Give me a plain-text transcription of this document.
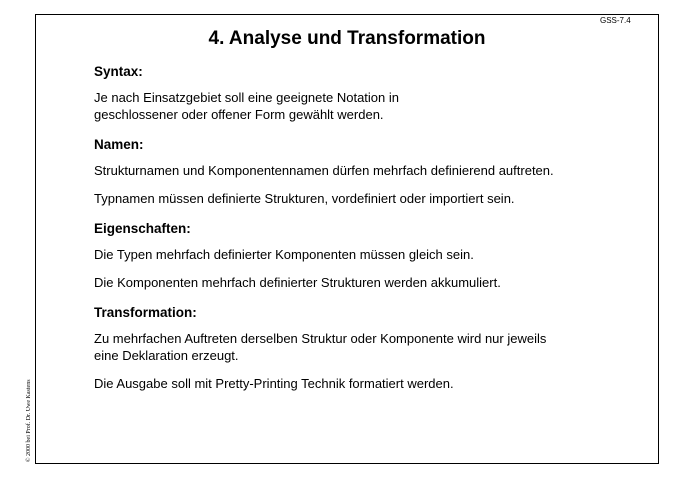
GSS-7.4
4. Analyse und Transformation
Syntax:

Je nach Einsatzgebiet soll eine geeignete Notation in
geschlossener oder offener Form gewählt werden.

Namen:

Strukturnamen und Komponentennamen dürfen mehrfach definierend auftreten.

Typnamen müssen definierte Strukturen, vordefiniert oder importiert sein.

Eigenschaften:

Die Typen mehrfach definierter Komponenten müssen gleich sein.

Die Komponenten mehrfach definierter Strukturen werden akkumuliert.

Transformation:

Zu mehrfachen Auftreten derselben Struktur oder Komponente wird nur jeweils
eine Deklaration erzeugt.

Die Ausgabe soll mit Pretty-Printing Technik formatiert werden.

© 2000 bei Prof. Dr. Uwe Kastens
